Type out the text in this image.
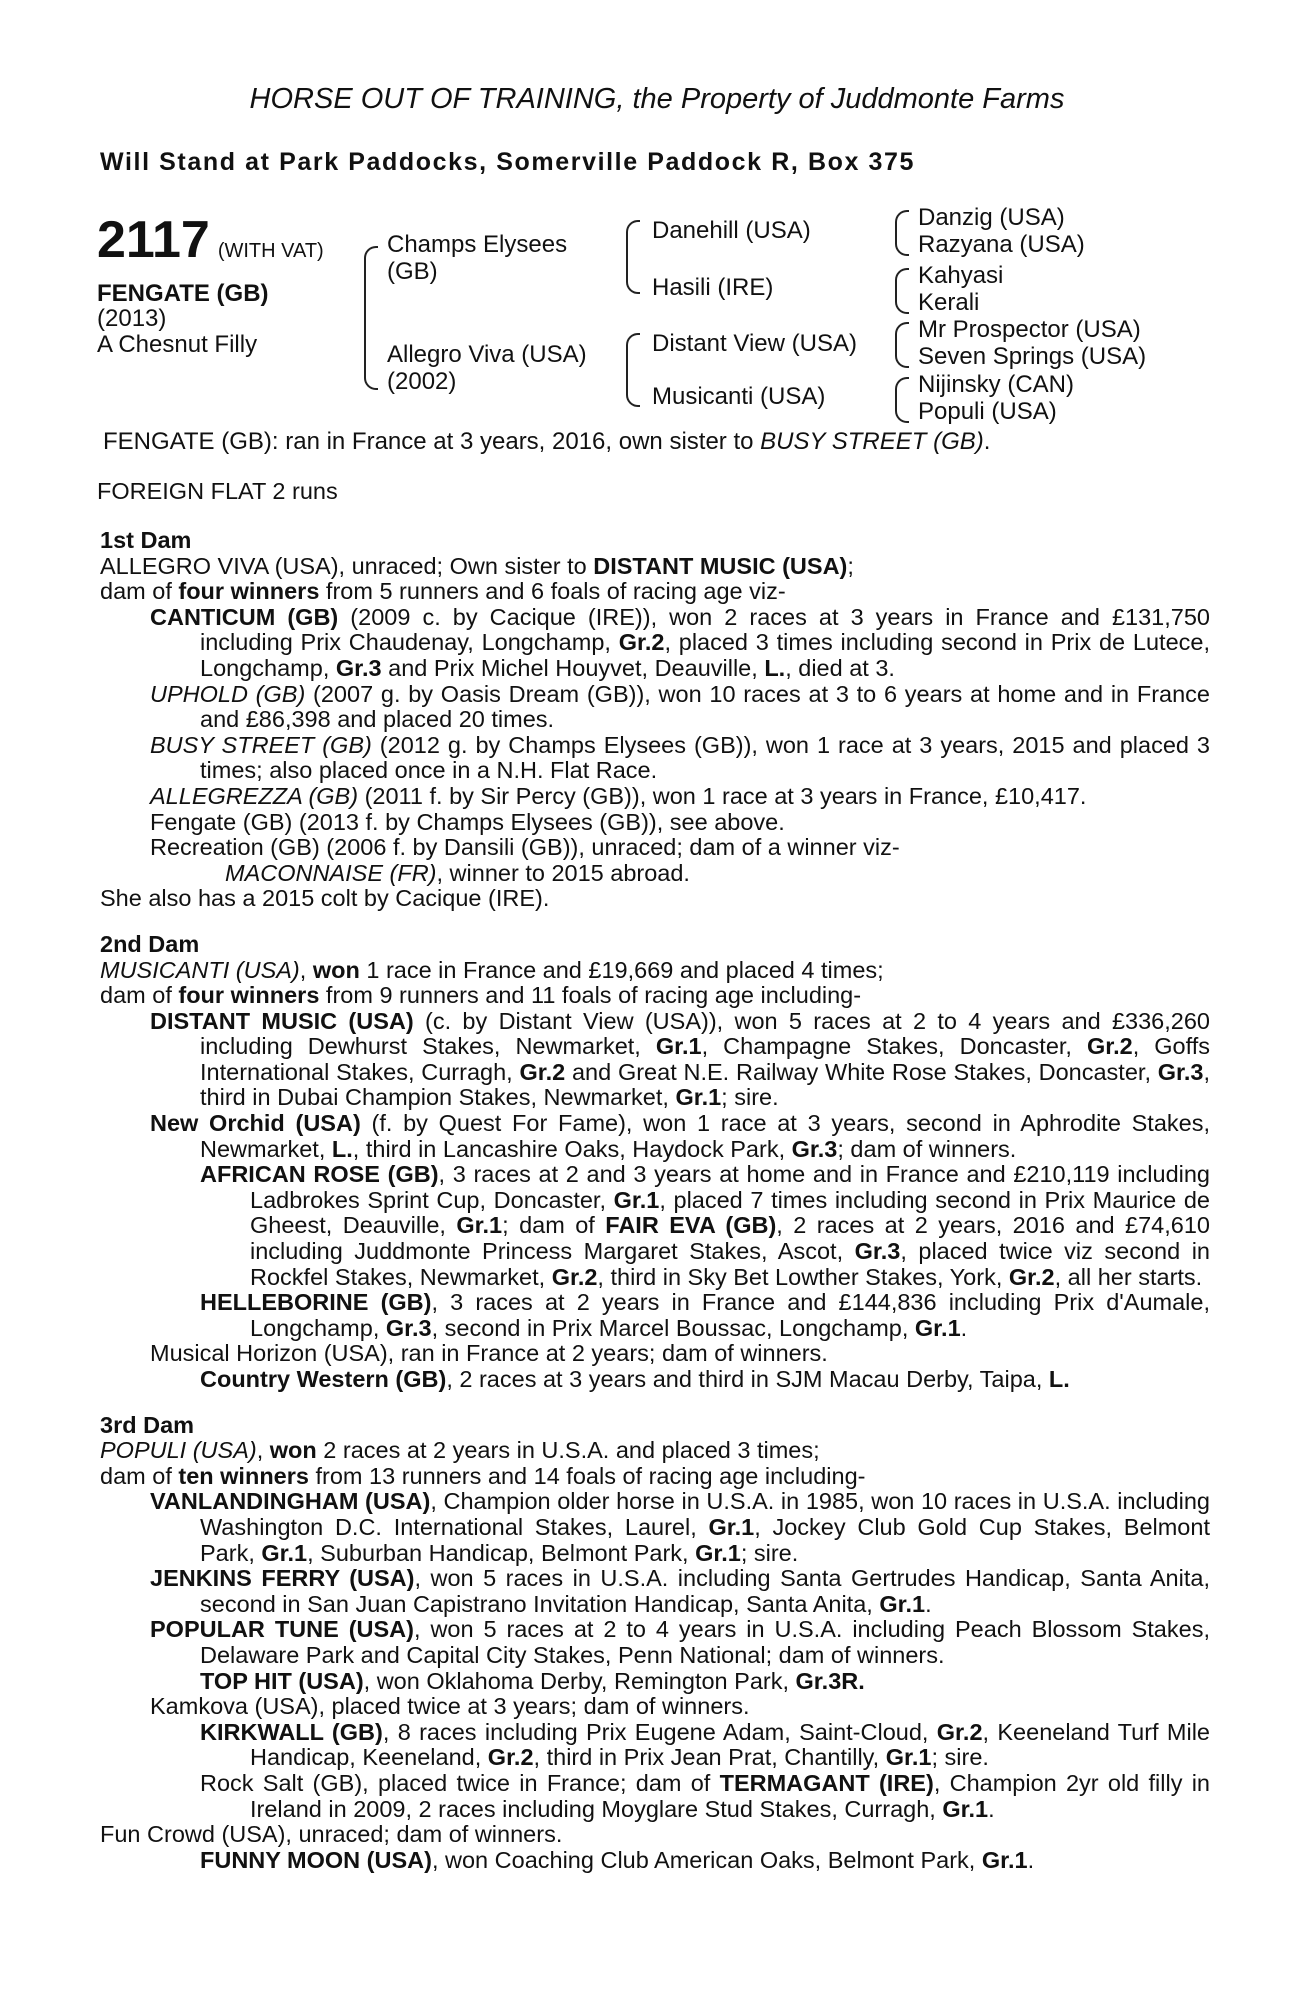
HORSE OUT OF TRAINING, the Property of Juddmonte Farms
Will Stand at Park Paddocks, Somerville Paddock R, Box 375
2117 (WITH VAT)
FENGATE (GB)
(2013)
A Chesnut Filly
Champs Elysees
(GB)
Allegro Viva (USA)
(2002)
Danehill (USA)
Hasili (IRE)
Distant View (USA)
Musicanti (USA)
Danzig (USA)
Razyana (USA)
Kahyasi
Kerali
Mr Prospector (USA)
Seven Springs (USA)
Nijinsky (CAN)
Populi (USA)
FENGATE (GB): ran in France at 3 years, 2016, own sister to BUSY STREET (GB).
FOREIGN FLAT 2 runs
1st Dam

ALLEGRO VIVA (USA), unraced; Own sister to DISTANT MUSIC (USA);

dam of four winners from 5 runners and 6 foals of racing age viz-

CANTICUM (GB) (2009 c. by Cacique (IRE)), won 2 races at 3 years in France and £131,750 including Prix Chaudenay, Longchamp, Gr.2, placed 3 times including second in Prix de Lutece, Longchamp, Gr.3 and Prix Michel Houyvet, Deauville, L., died at 3.

UPHOLD (GB) (2007 g. by Oasis Dream (GB)), won 10 races at 3 to 6 years at home and in France and £86,398 and placed 20 times.

BUSY STREET (GB) (2012 g. by Champs Elysees (GB)), won 1 race at 3 years, 2015 and placed 3 times; also placed once in a N.H. Flat Race.

ALLEGREZZA (GB) (2011 f. by Sir Percy (GB)), won 1 race at 3 years in France, £10,417.

Fengate (GB) (2013 f. by Champs Elysees (GB)), see above.

Recreation (GB) (2006 f. by Dansili (GB)), unraced; dam of a winner viz-

MACONNAISE (FR), winner to 2015 abroad.

She also has a 2015 colt by Cacique (IRE).

2nd Dam

MUSICANTI (USA), won 1 race in France and £19,669 and placed 4 times;

dam of four winners from 9 runners and 11 foals of racing age including-

DISTANT MUSIC (USA) (c. by Distant View (USA)), won 5 races at 2 to 4 years and £336,260 including Dewhurst Stakes, Newmarket, Gr.1, Champagne Stakes, Doncaster, Gr.2, Goffs International Stakes, Curragh, Gr.2 and Great N.E. Railway White Rose Stakes, Doncaster, Gr.3, third in Dubai Champion Stakes, Newmarket, Gr.1; sire.

New Orchid (USA) (f. by Quest For Fame), won 1 race at 3 years, second in Aphrodite Stakes, Newmarket, L., third in Lancashire Oaks, Haydock Park, Gr.3; dam of winners.

AFRICAN ROSE (GB), 3 races at 2 and 3 years at home and in France and £210,119 including Ladbrokes Sprint Cup, Doncaster, Gr.1, placed 7 times including second in Prix Maurice de Gheest, Deauville, Gr.1; dam of FAIR EVA (GB), 2 races at 2 years, 2016 and £74,610 including Juddmonte Princess Margaret Stakes, Ascot, Gr.3, placed twice viz second in Rockfel Stakes, Newmarket, Gr.2, third in Sky Bet Lowther Stakes, York, Gr.2, all her starts.

HELLEBORINE (GB), 3 races at 2 years in France and £144,836 including Prix d'Aumale, Longchamp, Gr.3, second in Prix Marcel Boussac, Longchamp, Gr.1.

Musical Horizon (USA), ran in France at 2 years; dam of winners.

Country Western (GB), 2 races at 3 years and third in SJM Macau Derby, Taipa, L.

3rd Dam

POPULI (USA), won 2 races at 2 years in U.S.A. and placed 3 times;

dam of ten winners from 13 runners and 14 foals of racing age including-

VANLANDINGHAM (USA), Champion older horse in U.S.A. in 1985, won 10 races in U.S.A. including Washington D.C. International Stakes, Laurel, Gr.1, Jockey Club Gold Cup Stakes, Belmont Park, Gr.1, Suburban Handicap, Belmont Park, Gr.1; sire.

JENKINS FERRY (USA), won 5 races in U.S.A. including Santa Gertrudes Handicap, Santa Anita, second in San Juan Capistrano Invitation Handicap, Santa Anita, Gr.1.

POPULAR TUNE (USA), won 5 races at 2 to 4 years in U.S.A. including Peach Blossom Stakes, Delaware Park and Capital City Stakes, Penn National; dam of winners.

TOP HIT (USA), won Oklahoma Derby, Remington Park, Gr.3R.

Kamkova (USA), placed twice at 3 years; dam of winners.

KIRKWALL (GB), 8 races including Prix Eugene Adam, Saint-Cloud, Gr.2, Keeneland Turf Mile Handicap, Keeneland, Gr.2, third in Prix Jean Prat, Chantilly, Gr.1; sire.

Rock Salt (GB), placed twice in France; dam of TERMAGANT (IRE), Champion 2yr old filly in Ireland in 2009, 2 races including Moyglare Stud Stakes, Curragh, Gr.1.

Fun Crowd (USA), unraced; dam of winners.

FUNNY MOON (USA), won Coaching Club American Oaks, Belmont Park, Gr.1.
